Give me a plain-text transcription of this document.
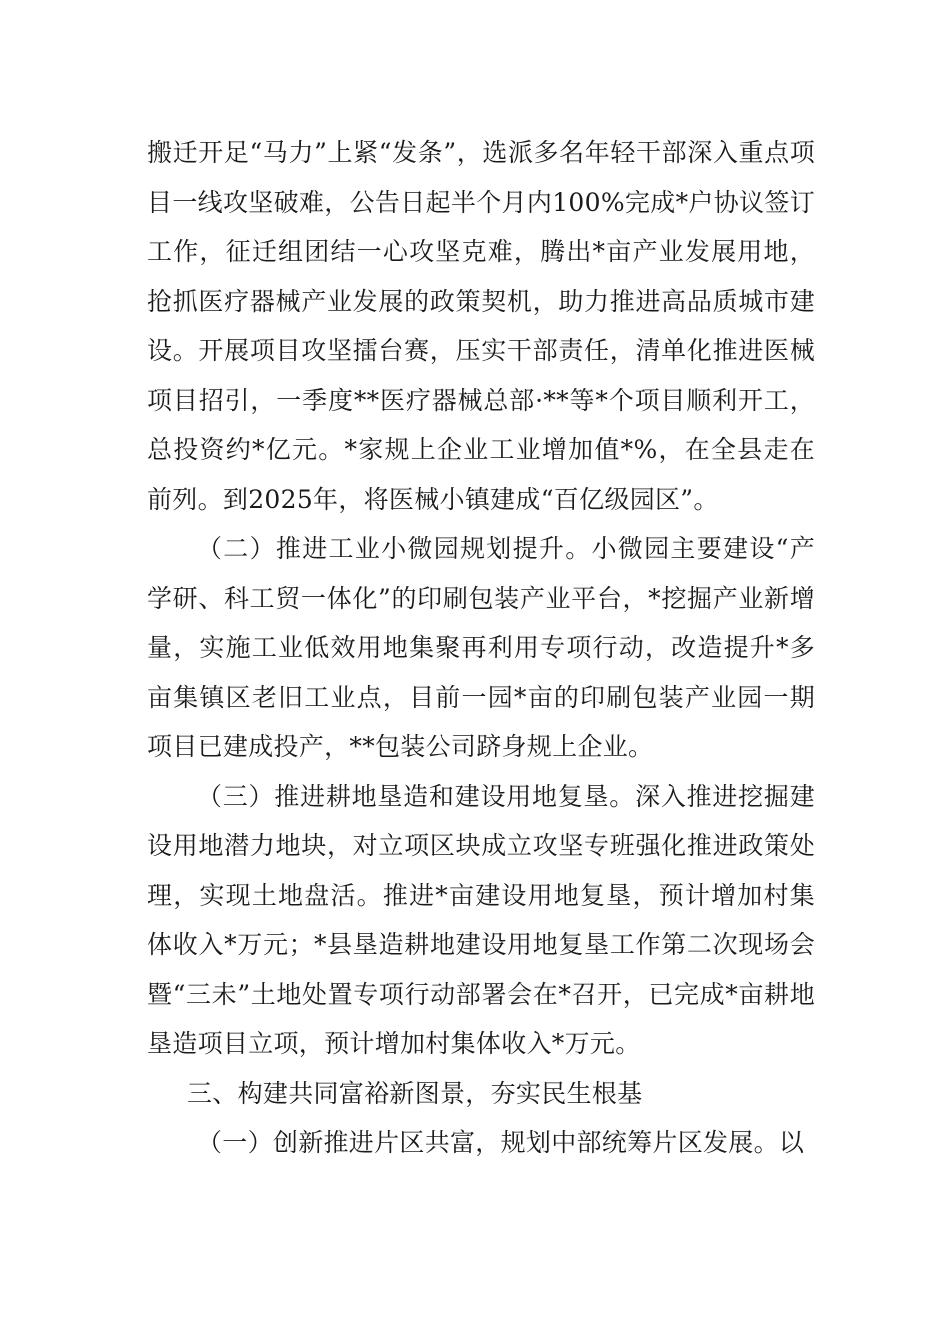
搬迁开足“马力”上紧“发条”，选派多名年轻干部深入重点项目一线攻坚破难，公告日起半个月内100%完成*户协议签订工作，征迁组团结一心攻坚克难，腾出*亩产业发展用地，抢抓医疗器械产业发展的政策契机，助力推进高品质城市建设。开展项目攻坚擂台赛，压实干部责任，清单化推进医械项目招引，一季度**医疗器械总部·**等*个项目顺利开工，总投资约*亿元。*家规上企业工业增加值*%，在全县走在前列。到2025年，将医械小镇建成“百亿级园区”。

（二）推进工业小微园规划提升。小微园主要建设“产学研、科工贸一体化”的印刷包装产业平台，*挖掘产业新增量，实施工业低效用地集聚再利用专项行动，改造提升*多亩集镇区老旧工业点，目前一园*亩的印刷包装产业园一期项目已建成投产，**包装公司跻身规上企业。

（三）推进耕地垦造和建设用地复垦。深入推进挖掘建设用地潜力地块，对立项区块成立攻坚专班强化推进政策处理，实现土地盘活。推进*亩建设用地复垦，预计增加村集体收入*万元；*县垦造耕地建设用地复垦工作第二次现场会暨“三未”土地处置专项行动部署会在*召开，已完成*亩耕地垦造项目立项，预计增加村集体收入*万元。

三、构建共同富裕新图景，夯实民生根基

（一）创新推进片区共富，规划中部统筹片区发展。以
